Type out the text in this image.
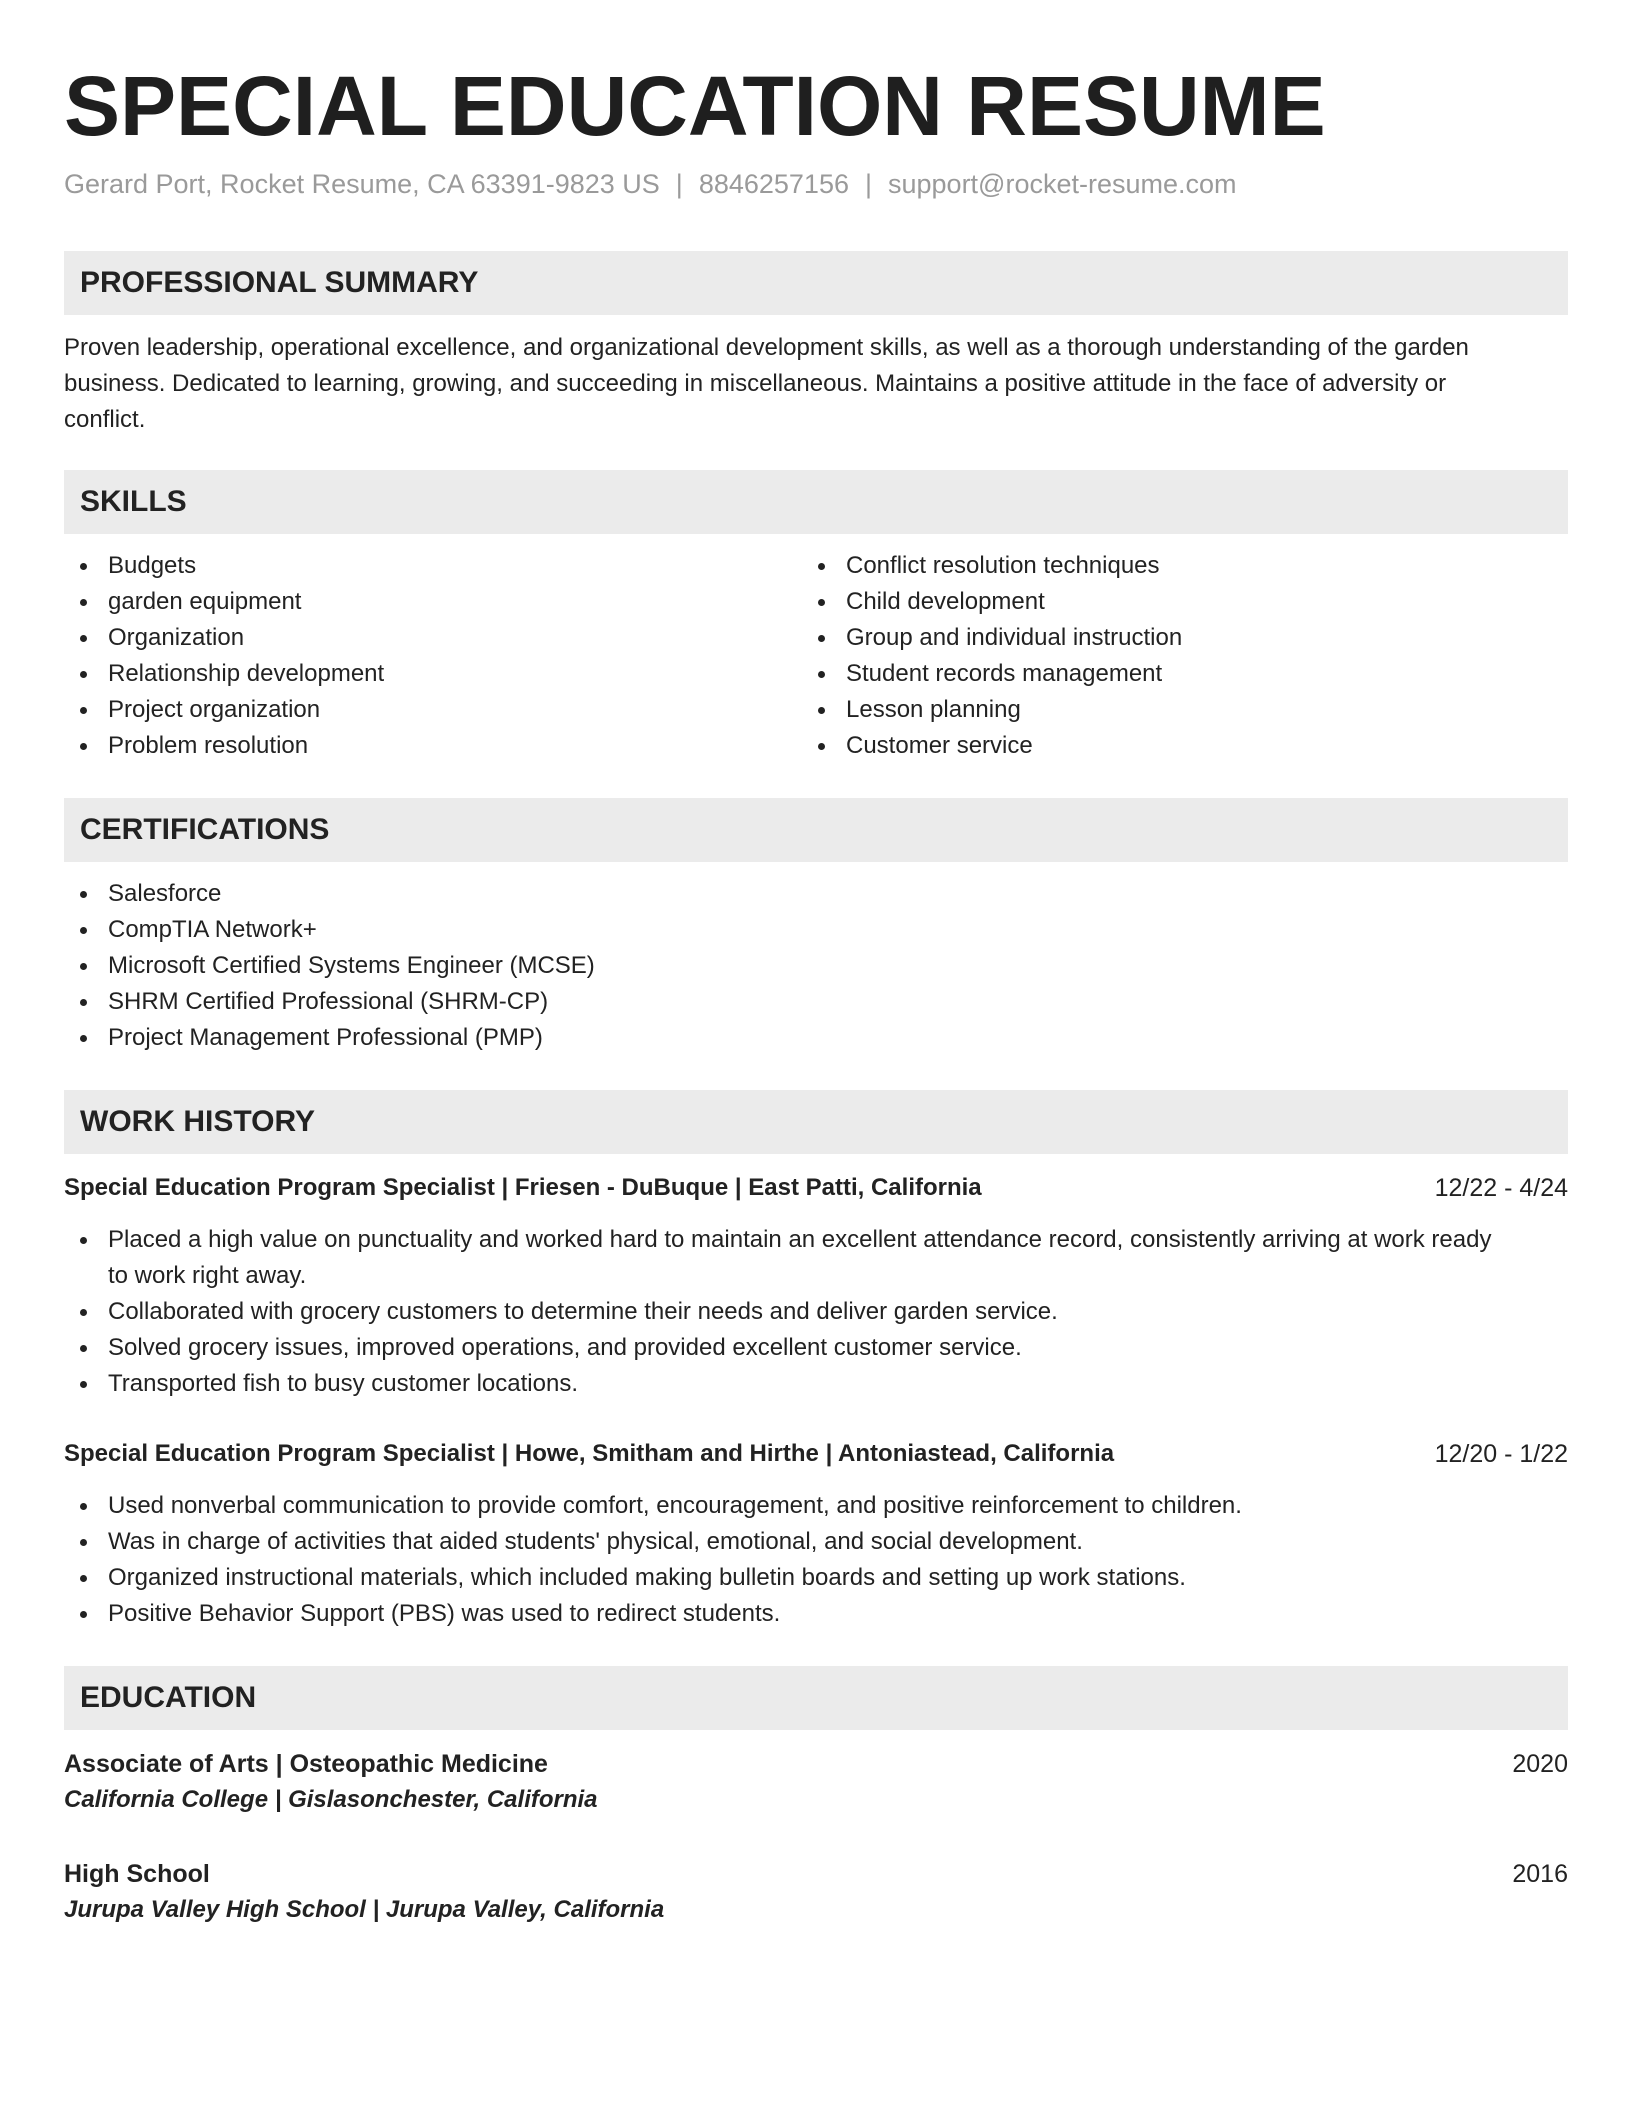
SPECIAL EDUCATION RESUME
Gerard Port, Rocket Resume, CA 63391-9823 US | 8846257156 | support@rocket-resume.com
PROFESSIONAL SUMMARY
Proven leadership, operational excellence, and organizational development skills, as well as a thorough understanding of the garden
business. Dedicated to learning, growing, and succeeding in miscellaneous. Maintains a positive attitude in the face of adversity or
conflict.
SKILLS
Budgets
garden equipment
Organization
Relationship development
Project organization
Problem resolution
Conflict resolution techniques
Child development
Group and individual instruction
Student records management
Lesson planning
Customer service
CERTIFICATIONS
Salesforce
CompTIA Network+
Microsoft Certified Systems Engineer (MCSE)
SHRM Certified Professional (SHRM-CP)
Project Management Professional (PMP)
WORK HISTORY
Special Education Program Specialist | Friesen - DuBuque | East Patti, California	12/22 - 4/24
Placed a high value on punctuality and worked hard to maintain an excellent attendance record, consistently arriving at work ready
to work right away.
Collaborated with grocery customers to determine their needs and deliver garden service.
Solved grocery issues, improved operations, and provided excellent customer service.
Transported fish to busy customer locations.
Special Education Program Specialist | Howe, Smitham and Hirthe | Antoniastead, California	12/20 - 1/22
Used nonverbal communication to provide comfort, encouragement, and positive reinforcement to children.
Was in charge of activities that aided students' physical, emotional, and social development.
Organized instructional materials, which included making bulletin boards and setting up work stations.
Positive Behavior Support (PBS) was used to redirect students.
EDUCATION
Associate of Arts | Osteopathic Medicine	2020
California College | Gislasonchester, California
High School	2016
Jurupa Valley High School | Jurupa Valley, California
